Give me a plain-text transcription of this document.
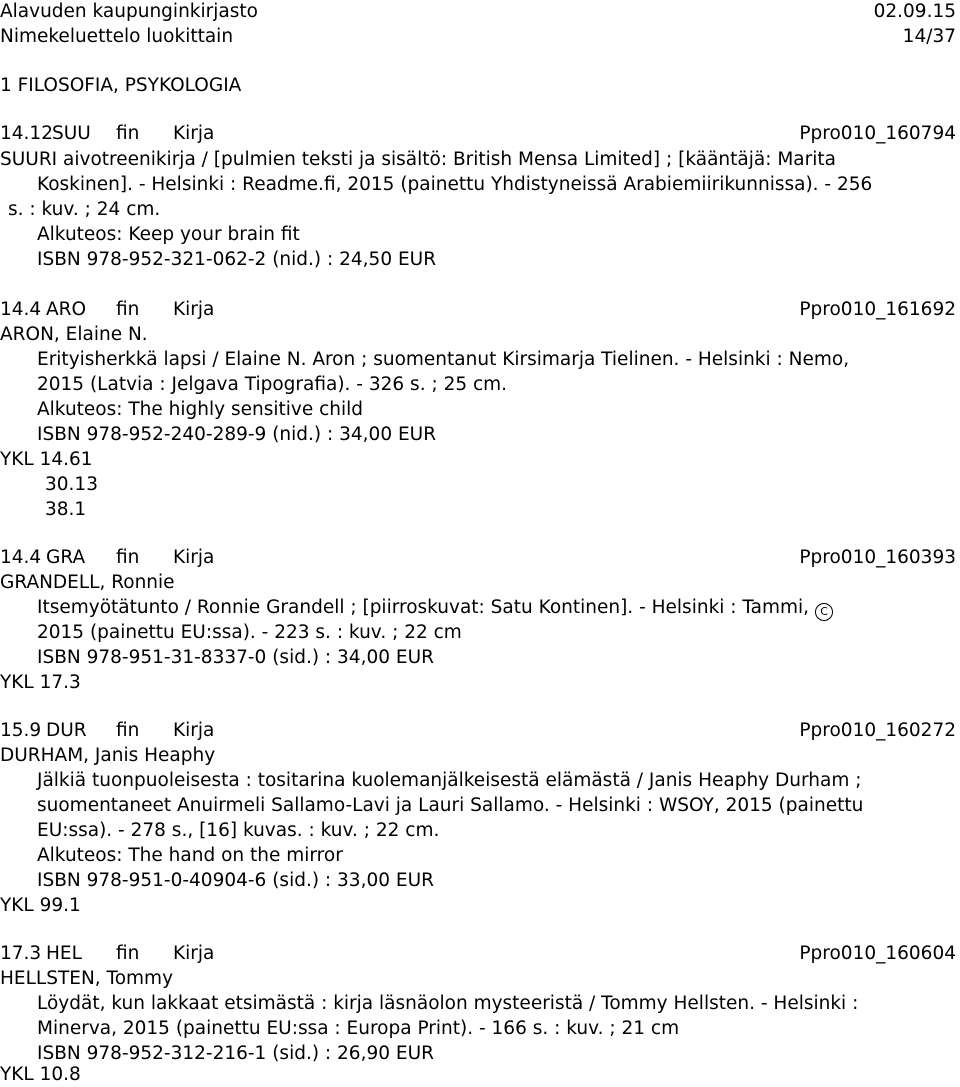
Alavuden kaupunginkirjasto	02.09.15
Nimekeluettelo luokittain	14/37
1 FILOSOFIA, PSYKOLOGIA
14.12 SUU fin Kirja	Ppro010_160794
SUURI aivotreenikirja / [pulmien teksti ja sisältö: British Mensa Limited] ; [kääntäjä: Marita
Koskinen]. - Helsinki : Readme.fi, 2015 (painettu Yhdistyneissä Arabiemiirikunnissa). - 256
s. : kuv. ; 24 cm.
Alkuteos: Keep your brain fit
ISBN 978-952-321-062-2 (nid.) : 24,50 EUR
14.4 ARO fin Kirja	Ppro010_161692
ARON, Elaine N.
Erityisherkkä lapsi / Elaine N. Aron ; suomentanut Kirsimarja Tielinen. - Helsinki : Nemo,
2015 (Latvia : Jelgava Tipografia). - 326 s. ; 25 cm.
Alkuteos: The highly sensitive child
ISBN 978-952-240-289-9 (nid.) : 34,00 EUR
YKL 14.61
30.13
38.1
14.4 GRA fin Kirja	Ppro010_160393
GRANDELL, Ronnie
Itsemyötätunto / Ronnie Grandell ; [piirroskuvat: Satu Kontinen]. - Helsinki : Tammi, C
2015 (painettu EU:ssa). - 223 s. : kuv. ; 22 cm
ISBN 978-951-31-8337-0 (sid.) : 34,00 EUR
YKL 17.3
15.9 DUR fin Kirja	Ppro010_160272
DURHAM, Janis Heaphy
Jälkiä tuonpuoleisesta : tositarina kuolemanjälkeisestä elämästä / Janis Heaphy Durham ;
suomentaneet Anuirmeli Sallamo-Lavi ja Lauri Sallamo. - Helsinki : WSOY, 2015 (painettu
EU:ssa). - 278 s., [16] kuvas. : kuv. ; 22 cm.
Alkuteos: The hand on the mirror
ISBN 978-951-0-40904-6 (sid.) : 33,00 EUR
YKL 99.1
17.3 HEL fin Kirja	Ppro010_160604
HELLSTEN, Tommy
Löydät, kun lakkaat etsimästä : kirja läsnäolon mysteeristä / Tommy Hellsten. - Helsinki :
Minerva, 2015 (painettu EU:ssa : Europa Print). - 166 s. : kuv. ; 21 cm
ISBN 978-952-312-216-1 (sid.) : 26,90 EUR
YKL 10.8
